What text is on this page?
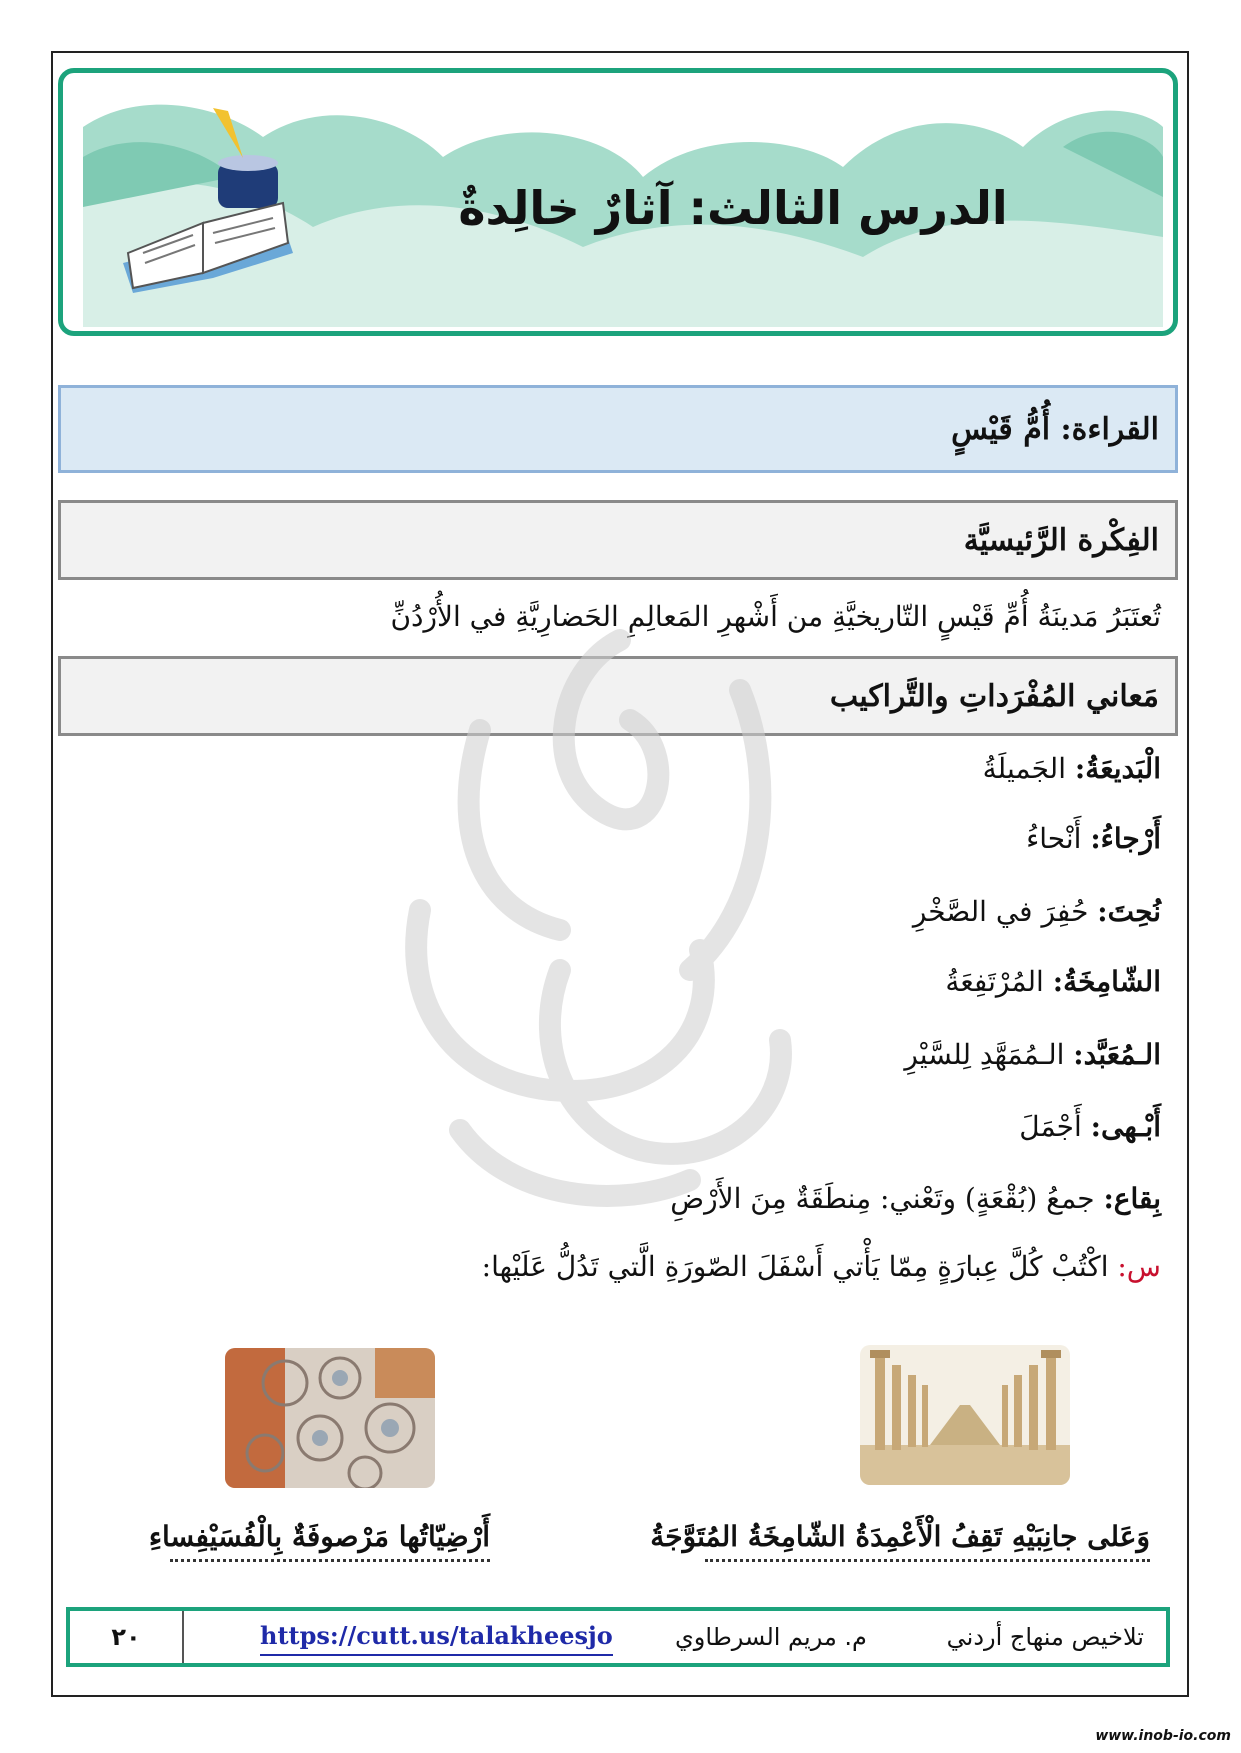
الدرس الثالث: آثارٌ خالِدةٌ
القراءة: أُمُّ قَيْسٍ
الفِكْرة الرَّئيسيَّة
تُعتَبَرُ مَدينَةُ أُمِّ قَيْسٍ التّاريخيَّةِ من أَشْهرِ المَعالِمِ الحَضارِيَّةِ في الأُرْدُنِّ
مَعاني المُفْرَداتِ والتَّراكيب
الْبَديعَةُ: الجَميلَةُ
أَرْجاءُ: أَنْحاءُ
نُحِتَ: حُفِرَ في الصَّخْرِ
الشّامِخَةُ: المُرْتَفِعَةُ
الـمُعَبَّد: الـمُمَهَّدِ لِلسَّيْرِ
أَبْـهى: أَجْمَلَ
بِقاع: جمعُ (بُقْعَةٍ) وتَعْني: مِنطَقَةٌ مِنَ الأَرْضِ
س: اكْتُبْ كُلَّ عِبارَةٍ مِمّا يَأْتي أَسْفَلَ الصّورَةِ الَّتي تَدُلُّ عَلَيْها:
وَعَلى جانِبَيْهِ تَقِفُ الْأَعْمِدَةُ الشّامِخَةُ المُتَوَّجَةُ
أَرْضِيّاتُها مَرْصوفَةٌ بِالْفُسَيْفِساءِ
٢٠	https://cutt.us/talakheesjo	م. مريم السرطاوي	تلاخيص منهاج أردني
www.inob-io.com
